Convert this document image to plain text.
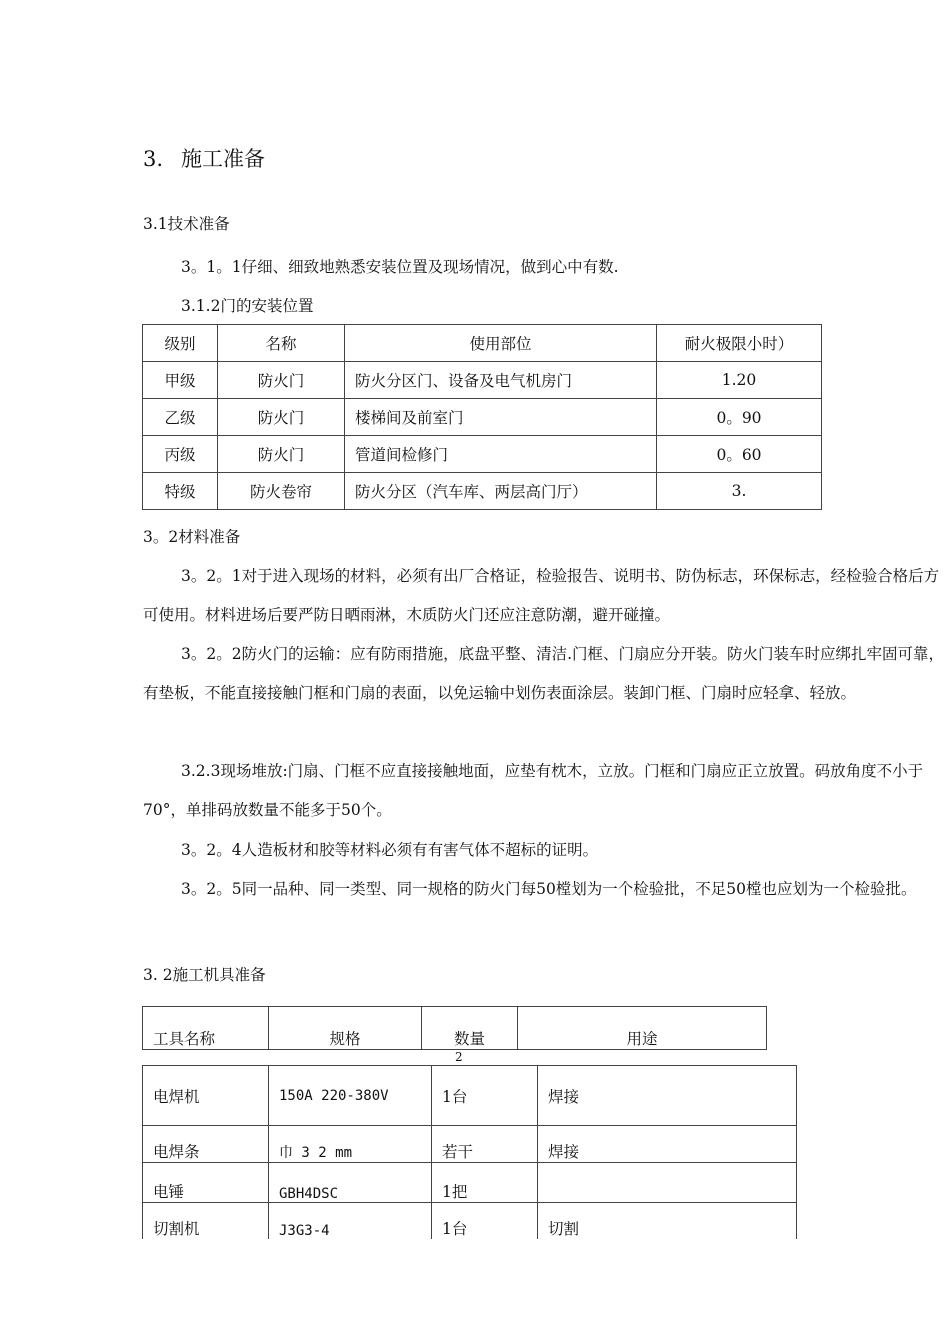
3. 施工准备
3.1技术准备
3。1。1仔细、细致地熟悉安装位置及现场情况，做到心中有数.
3.1.2门的安装位置
级别	名称	使用部位	耐火极限小时）
甲级	防火门	防火分区门、设备及电气机房门	1.20
乙级	防火门	楼梯间及前室门	0。90
丙级	防火门	管道间检修门	0。60
特级	防火卷帘	防火分区（汽车库、两层高门厅）	3.
3。2材料准备
3。2。1对于进入现场的材料，必须有出厂合格证，检验报告、说明书、防伪标志，环保标志，经检验合格后方可使用。材料进场后要严防日晒雨淋，木质防火门还应注意防潮，避开碰撞。
3。2。2防火门的运输：应有防雨措施，底盘平整、清洁.门框、门扇应分开装。防火门装车时应绑扎牢固可靠，有垫板，不能直接接触门框和门扇的表面，以免运输中划伤表面涂层。装卸门框、门扇时应轻拿、轻放。
3.2.3现场堆放:门扇、门框不应直接接触地面，应垫有枕木，立放。门框和门扇应正立放置。码放角度不小于70°，单排码放数量不能多于50个。
3。2。4人造板材和胶等材料必须有有害气体不超标的证明。
3。2。5同一品种、同一类型、同一规格的防火门每50樘划为一个检验批，不足50樘也应划为一个检验批。
3. 2施工机具准备
工具名称	规格	数量	用途
2
电焊机	150A 220-380V	1台	焊接
电焊条	巾 3 2 mm	若干	焊接
电锤	GBH4DSC	1把	
切割机	J3G3-4	1台	切割
